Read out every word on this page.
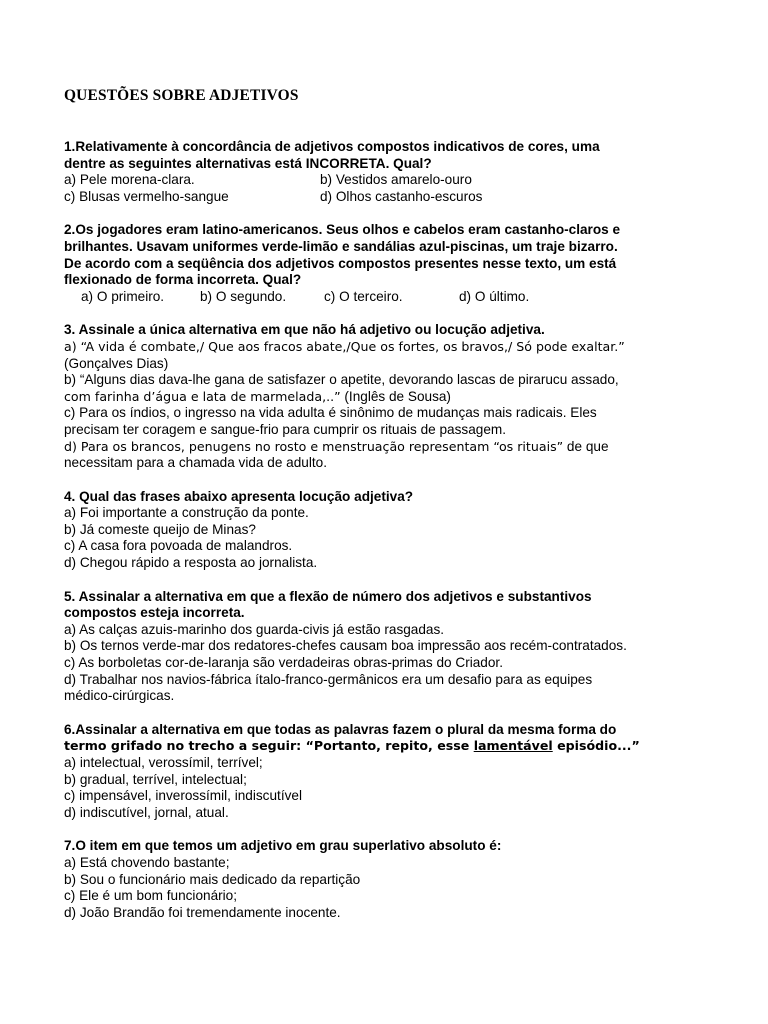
QUESTÕES SOBRE ADJETIVOS
1.Relativamente à concordância de adjetivos compostos indicativos de cores, uma
dentre as seguintes alternativas está INCORRETA. Qual?
a) Pele morena-clara.	b) Vestidos amarelo-ouro
c) Blusas vermelho-sangue	d) Olhos castanho-escuros
2.Os jogadores eram latino-americanos. Seus olhos e cabelos eram castanho-claros e
brilhantes. Usavam uniformes verde-limão e sandálias azul-piscinas, um traje bizarro.
De acordo com a seqüência dos adjetivos compostos presentes nesse texto, um está
flexionado de forma incorreta. Qual?
a) O primeiro.	b) O segundo.	c) O terceiro.	d) O último.
3. Assinale a única alternativa em que não há adjetivo ou locução adjetiva.
a) “A vida é combate,/ Que aos fracos abate,/Que os fortes, os bravos,/ Só pode exaltar.”
(Gonçalves Dias)
b) “Alguns dias dava-lhe gana de satisfazer o apetite, devorando lascas de pirarucu assado,
com farinha d’água e lata de marmelada,..” (Inglês de Sousa)
c) Para os índios, o ingresso na vida adulta é sinônimo de mudanças mais radicais. Eles
precisam ter coragem e sangue-frio para cumprir os rituais de passagem.
d) Para os brancos, penugens no rosto e menstruação representam “os rituais” de que
necessitam para a chamada vida de adulto.
4. Qual das frases abaixo apresenta locução adjetiva?
a) Foi importante a construção da ponte.
b) Já comeste queijo de Minas?
c) A casa fora povoada de malandros.
d) Chegou rápido a resposta ao jornalista.
5. Assinalar a alternativa em que a flexão de número dos adjetivos e substantivos
compostos esteja incorreta.
a) As calças azuis-marinho dos guarda-civis já estão rasgadas.
b) Os ternos verde-mar dos redatores-chefes causam boa impressão aos recém-contratados.
c) As borboletas cor-de-laranja são verdadeiras obras-primas do Criador.
d) Trabalhar nos navios-fábrica ítalo-franco-germânicos era um desafio para as equipes
médico-cirúrgicas.
6.Assinalar a alternativa em que todas as palavras fazem o plural da mesma forma do
termo grifado no trecho a seguir: “Portanto, repito, esse lamentável episódio...”
a) intelectual, verossímil, terrível;
b) gradual, terrível, intelectual;
c) impensável, inverossímil, indiscutível
d) indiscutível, jornal, atual.
7.O item em que temos um adjetivo em grau superlativo absoluto é:
a) Está chovendo bastante;
b) Sou o funcionário mais dedicado da repartição
c) Ele é um bom funcionário;
d) João Brandão foi tremendamente inocente.
